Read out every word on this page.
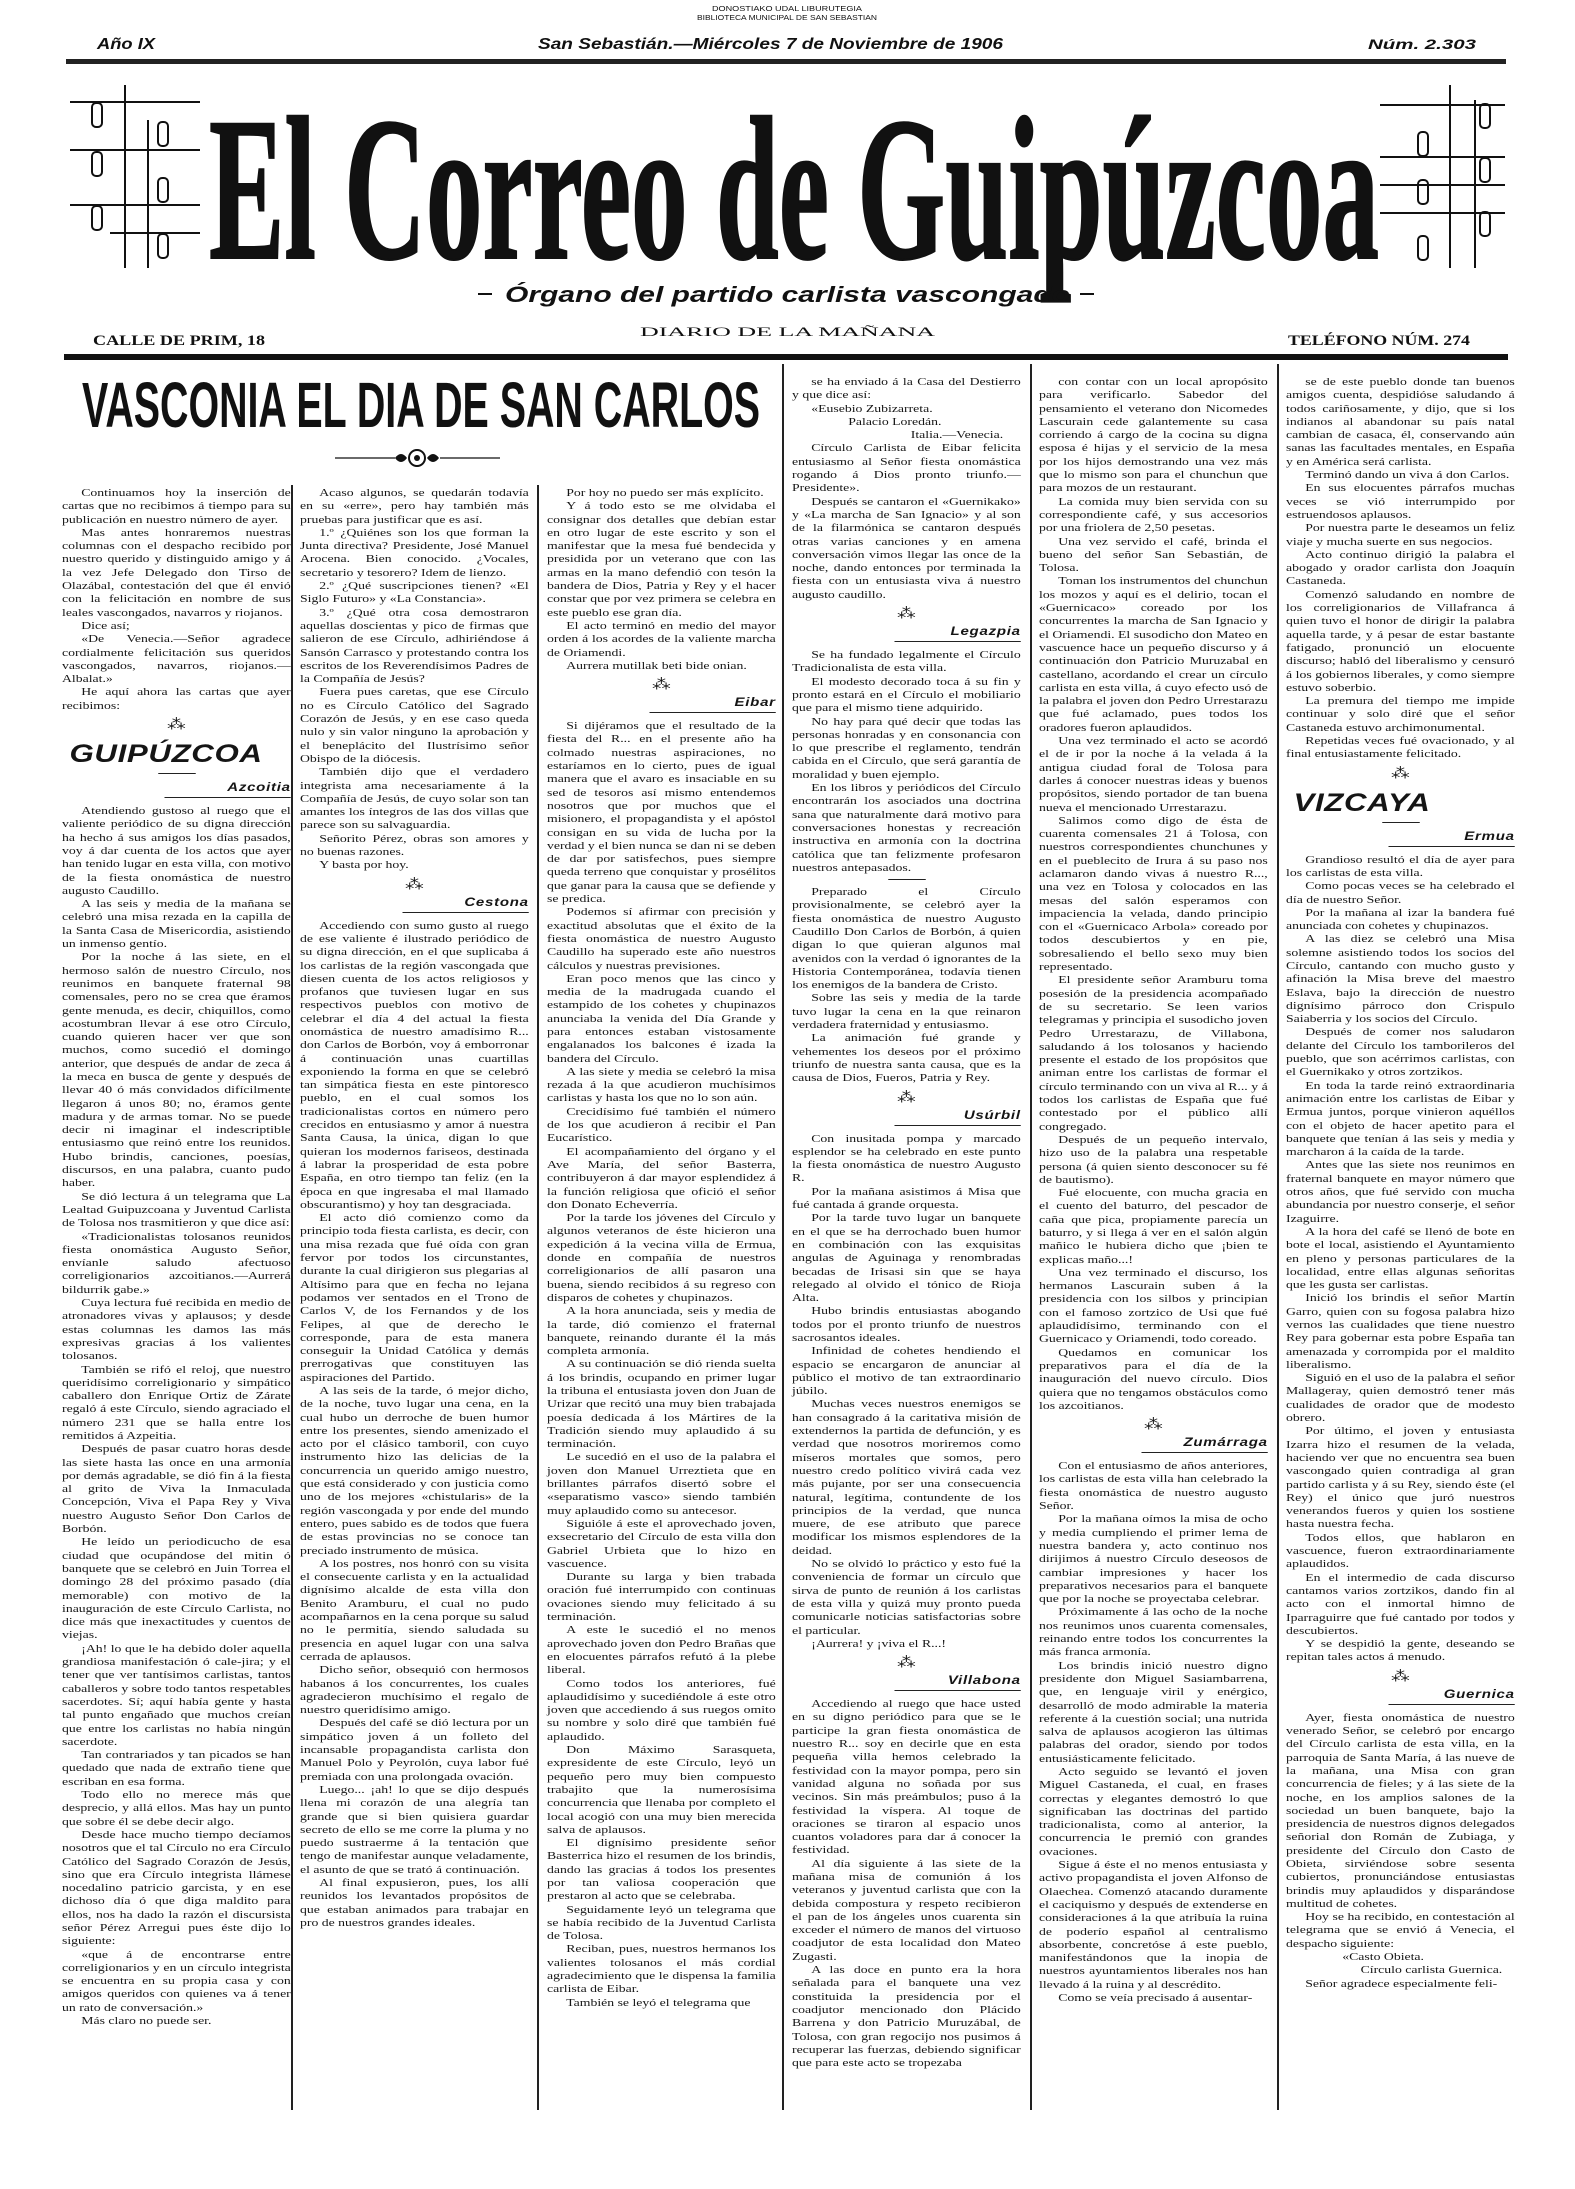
DONOSTIAKO UDAL LIBURUTEGIA
BIBLIOTECA MUNICIPAL DE SAN SEBASTIAN
Año IX	San Sebastián.—Miércoles 7 de Noviembre de 1906	Núm. 2.303
El Correo de Guipúzcoa
Órgano del partido carlista vascongado
DIARIO DE LA MAÑANA
CALLE DE PRIM, 18	TELÉFONO NÚM. 274
VASCONIA EL DIA DE SAN CARLOS
Continuamos hoy la inserción de cartas que no recibimos á tiempo para su publicación en nuestro número de ayer.
Mas antes honraremos nuestras columnas con el despacho recibido por nuestro querido y distinguido amigo y á la vez Jefe Delegado don Tirso de Olazábal, contestación del que él envió con la felicitación en nombre de sus leales vascongados, navarros y riojanos.
Dice así;
«De Venecia.—Señor agradece cordialmente felicitación sus queridos vascongados, navarros, riojanos.—Albalat.»
He aquí ahora las cartas que ayer recibimos:
⁂
GUIPÚZCOA
Azcoitia
Atendiendo gustoso al ruego que el valiente periódico de su digna dirección ha hecho á sus amigos los días pasados, voy á dar cuenta de los actos que ayer han tenido lugar en esta villa, con motivo de la fiesta onomástica de nuestro augusto Caudillo.
A las seis y media de la mañana se celebró una misa rezada en la capilla de la Santa Casa de Misericordia, asistiendo un inmenso gentío.
Por la noche á las siete, en el hermoso salón de nuestro Círculo, nos reunimos en banquete fraternal 98 comensales, pero no se crea que éramos gente menuda, es decir, chiquillos, como acostumbran llevar á ese otro Círculo, cuando quieren hacer ver que son muchos, como sucedió el domingo anterior, que después de andar de zeca á la meca en busca de gente y después de llevar 40 ó más convidados difícilmente llegaron á unos 80; no, éramos gente madura y de armas tomar. No se puede decir ni imaginar el indescriptible entusiasmo que reinó entre los reunidos. Hubo brindis, canciones, poesías, discursos, en una palabra, cuanto pudo haber.
Se dió lectura á un telegrama que La Lealtad Guipuzcoana y Juventud Carlista de Tolosa nos trasmitieron y que dice así:
«Tradicionalistas tolosanos reunidos fiesta onomástica Augusto Señor, envíanle saludo afectuoso correligionarios azcoitianos.—Aurrerá bildurrik gabe.»
Cuya lectura fué recibida en medio de atronadores vivas y aplausos; y desde estas columnas les damos las más expresivas gracias á los valientes tolosanos.
También se rifó el reloj, que nuestro queridísimo correligionario y simpático caballero don Enrique Ortiz de Zárate regaló á este Círculo, siendo agraciado el número 231 que se halla entre los remitidos á Azpeitia.
Después de pasar cuatro horas desde las siete hasta las once en una armonía por demás agradable, se dió fin á la fiesta al grito de Viva la Inmaculada Concepción, Viva el Papa Rey y Viva nuestro Augusto Señor Don Carlos de Borbón.
He leído un periodicucho de esa ciudad que ocupándose del mitin ó banquete que se celebró en Juin Torrea el domingo 28 del próximo pasado (día memorable) con motivo de la inauguración de este Círculo Carlista, no dice más que inexactitudes y cuentos de viejas.
¡Ah! lo que le ha debido doler aquella grandiosa manifestación ó cale-jira; y el tener que ver tantísimos carlistas, tantos caballeros y sobre todo tantos respetables sacerdotes. Sí; aquí había gente y hasta tal punto engañado que muchos creían que entre los carlistas no había ningún sacerdote.
Tan contrariados y tan picados se han quedado que nada de extraño tiene que escriban en esa forma.
Todo ello no merece más que desprecio, y allá ellos. Mas hay un punto que sobre él se debe decir algo.
Desde hace mucho tiempo decíamos nosotros que el tal Círculo no era Círculo Católico del Sagrado Corazón de Jesús, sino que era Círculo integrista llámese nocedalino patricio garcista, y en ese dichoso día ó que diga maldito para ellos, nos ha dado la razón el discursista señor Pérez Arregui pues éste dijo lo siguiente:
«que á de encontrarse entre correligionarios y en un círculo integrista se encuentra en su propia casa y con amigos queridos con quienes va á tener un rato de conversación.»
Más claro no puede ser.
Acaso algunos, se quedarán todavía en su «erre», pero hay también más pruebas para justificar que es así.
1.º ¿Quiénes son los que forman la Junta directiva? Presidente, José Manuel Arocena. Bien conocido. ¿Vocales, secretario y tesorero? Idem de lienzo.
2.º ¿Qué suscripciones tienen? «El Siglo Futuro» y «La Constancia».
3.º ¿Qué otra cosa demostraron aquellas doscientas y pico de firmas que salieron de ese Círculo, adhiriéndose á Sansón Carrasco y protestando contra los escritos de los Reverendísimos Padres de la Compañía de Jesús?
Fuera pues caretas, que ese Círculo no es Círculo Católico del Sagrado Corazón de Jesús, y en ese caso queda nulo y sin valor ninguno la aprobación y el beneplácito del Ilustrísimo señor Obispo de la diócesis.
También dijo que el verdadero integrista ama necesariamente á la Compañía de Jesús, de cuyo solar son tan amantes los íntegros de las dos villas que parece son su salvaguardia.
Señorito Pérez, obras son amores y no buenas razones.
Y basta por hoy.
⁂
Cestona
Accediendo con sumo gusto al ruego de ese valiente é ilustrado periódico de su digna dirección, en el que suplicaba á los carlistas de la región vascongada que diesen cuenta de los actos religiosos y profanos que tuviesen lugar en sus respectivos pueblos con motivo de celebrar el día 4 del actual la fiesta onomástica de nuestro amadísimo R... don Carlos de Borbón, voy á emborronar á continuación unas cuartillas exponiendo la forma en que se celebró tan simpática fiesta en este pintoresco pueblo, en el cual somos los tradicionalistas cortos en número pero crecidos en entusiasmo y amor á nuestra Santa Causa, la única, digan lo que quieran los modernos fariseos, destinada á labrar la prosperidad de esta pobre España, en otro tiempo tan feliz (en la época en que ingresaba el mal llamado obscurantismo) y hoy tan desgraciada.
El acto dió comienzo como da principio toda fiesta carlista, es decir, con una misa rezada que fué oída con gran fervor por todos los circunstantes, durante la cual dirigieron sus plegarias al Altísimo para que en fecha no lejana podamos ver sentados en el Trono de Carlos V, de los Fernandos y de los Felipes, al que de derecho le corresponde, para de esta manera conseguir la Unidad Católica y demás prerrogativas que constituyen las aspiraciones del Partido.
A las seis de la tarde, ó mejor dicho, de la noche, tuvo lugar una cena, en la cual hubo un derroche de buen humor entre los presentes, siendo amenizado el acto por el clásico tamboril, con cuyo instrumento hizo las delicias de la concurrencia un querido amigo nuestro, que está considerado y con justicia como uno de los mejores «chistularis» de la región vascongada y por ende del mundo entero, pues sabido es de todos que fuera de estas provincias no se conoce tan preciado instrumento de música.
A los postres, nos honró con su visita el consecuente carlista y en la actualidad dignísimo alcalde de esta villa don Benito Aramburu, el cual no pudo acompañarnos en la cena porque su salud no le permitía, siendo saludada su presencia en aquel lugar con una salva cerrada de aplausos.
Dicho señor, obsequió con hermosos habanos á los concurrentes, los cuales agradecieron muchísimo el regalo de nuestro queridísimo amigo.
Después del café se dió lectura por un simpático joven á un folleto del incansable propagandista carlista don Manuel Polo y Peyrolón, cuya labor fué premiada con una prolongada ovación.
Luego... ¡ah! lo que se dijo después llena mi corazón de una alegría tan grande que si bien quisiera guardar secreto de ello se me corre la pluma y no puedo sustraerme á la tentación que tengo de manifestar aunque veladamente, el asunto de que se trató á continuación.
Al final expusieron, pues, los allí reunidos los levantados propósitos de que estaban animados para trabajar en pro de nuestros grandes ideales.
Por hoy no puedo ser más explícito.
Y á todo esto se me olvidaba el consignar dos detalles que debían estar en otro lugar de este escrito y son el manifestar que la mesa fué bendecida y presidida por un veterano que con las armas en la mano defendió con tesón la bandera de Dios, Patria y Rey y el hacer constar que por vez primera se celebra en este pueblo ese gran día.
El acto terminó en medio del mayor orden á los acordes de la valiente marcha de Oriamendi.
Aurrera mutillak beti bide onian.
⁂
Eibar
Si dijéramos que el resultado de la fiesta del R... en el presente año ha colmado nuestras aspiraciones, no estaríamos en lo cierto, pues de igual manera que el avaro es insaciable en su sed de tesoros así mismo entendemos nosotros que por muchos que el misionero, el propagandista y el apóstol consigan en su vida de lucha por la verdad y el bien nunca se dan ni se deben de dar por satisfechos, pues siempre queda terreno que conquistar y prosélitos que ganar para la causa que se defiende y se predica.
Podemos sí afirmar con precisión y exactitud absolutas que el éxito de la fiesta onomástica de nuestro Augusto Caudillo ha superado este año nuestros cálculos y nuestras previsiones.
Eran poco menos que las cinco y media de la madrugada cuando el estampido de los cohetes y chupinazos anunciaba la venida del Día Grande y para entonces estaban vistosamente engalanados los balcones é izada la bandera del Círculo.
A las siete y media se celebró la misa rezada á la que acudieron muchísimos carlistas y hasta los que no lo son aún.
Crecidísimo fué también el número de los que acudieron á recibir el Pan Eucarístico.
El acompañamiento del órgano y el Ave María, del señor Basterra, contribuyeron á dar mayor esplendidez á la función religiosa que ofició el señor don Donato Echeverría.
Por la tarde los jóvenes del Círculo y algunos veteranos de éste hicieron una expedición á la vecina villa de Ermua, donde en compañía de nuestros correligionarios de allí pasaron una buena, siendo recibidos á su regreso con disparos de cohetes y chupinazos.
A la hora anunciada, seis y media de la tarde, dió comienzo el fraternal banquete, reinando durante él la más completa armonía.
A su continuación se dió rienda suelta á los brindis, ocupando en primer lugar la tribuna el entusiasta joven don Juan de Urizar que recitó una muy bien trabajada poesía dedicada á los Mártires de la Tradición siendo muy aplaudido á su terminación.
Le sucedió en el uso de la palabra el joven don Manuel Urreztieta que en brillantes párrafos disertó sobre el «separatismo vasco» siendo también muy aplaudido como su antecesor.
Siguióle á este el aprovechado joven, exsecretario del Círculo de esta villa don Gabriel Urbieta que lo hizo en vascuence.
Durante su larga y bien trabada oración fué interrumpido con continuas ovaciones siendo muy felicitado á su terminación.
A este le sucedió el no menos aprovechado joven don Pedro Brañas que en elocuentes párrafos refutó á la plebe liberal.
Como todos los anteriores, fué aplaudidísimo y sucediéndole á este otro joven que accediendo á sus ruegos omito su nombre y solo diré que también fué aplaudido.
Don Máximo Sarasqueta, expresidente de este Círculo, leyó un pequeño pero muy bien compuesto trabajito que la numerosísima concurrencia que llenaba por completo el local acogió con una muy bien merecida salva de aplausos.
El dignísimo presidente señor Basterrica hizo el resumen de los brindis, dando las gracias á todos los presentes por tan valiosa cooperación que prestaron al acto que se celebraba.
Seguidamente leyó un telegrama que se había recibido de la Juventud Carlista de Tolosa.
Reciban, pues, nuestros hermanos los valientes tolosanos el más cordial agradecimiento que le dispensa la familia carlista de Eibar.
También se leyó el telegrama que
se ha enviado á la Casa del Destierro y que dice así:
«Eusebio Zubizarreta.
Palacio Loredán.
Italia.—Venecia.
Círculo Carlista de Eibar felicita entusiasmo al Señor fiesta onomástica rogando á Dios pronto triunfo.—Presidente».
Después se cantaron el «Guernikako» y «La marcha de San Ignacio» y al son de la filarmónica se cantaron después otras varias canciones y en amena conversación vimos llegar las once de la noche, dando entonces por terminada la fiesta con un entusiasta viva á nuestro augusto caudillo.
⁂
Legazpia
Se ha fundado legalmente el Círculo Tradicionalista de esta villa.
El modesto decorado toca á su fin y pronto estará en el Círculo el mobiliario que para el mismo tiene adquirido.
No hay para qué decir que todas las personas honradas y en consonancia con lo que prescribe el reglamento, tendrán cabida en el Círculo, que será garantía de moralidad y buen ejemplo.
En los libros y periódicos del Círculo encontrarán los asociados una doctrina sana que naturalmente dará motivo para conversaciones honestas y recreación instructiva en armonía con la doctrina católica que tan felizmente profesaron nuestros antepasados.
Preparado el Círculo provisionalmente, se celebró ayer la fiesta onomástica de nuestro Augusto Caudillo Don Carlos de Borbón, á quien digan lo que quieran algunos mal avenidos con la verdad ó ignorantes de la Historia Contemporánea, todavía tienen los enemigos de la bandera de Cristo.
Sobre las seis y media de la tarde tuvo lugar la cena en la que reinaron verdadera fraternidad y entusiasmo.
La animación fué grande y vehementes los deseos por el próximo triunfo de nuestra santa causa, que es la causa de Dios, Fueros, Patria y Rey.
⁂
Usúrbil
Con inusitada pompa y marcado esplendor se ha celebrado en este punto la fiesta onomástica de nuestro Augusto R.
Por la mañana asistimos á Misa que fué cantada á grande orquesta.
Por la tarde tuvo lugar un banquete en el que se ha derrochado buen humor en combinación con las exquisitas angulas de Aguinaga y renombradas becadas de Irisasi sin que se haya relegado al olvido el tónico de Rioja Alta.
Hubo brindis entusiastas abogando todos por el pronto triunfo de nuestros sacrosantos ideales.
Infinidad de cohetes hendiendo el espacio se encargaron de anunciar al público el motivo de tan extraordinario júbilo.
Muchas veces nuestros enemigos se han consagrado á la caritativa misión de extendernos la partida de defunción, y es verdad que nosotros moriremos como míseros mortales que somos, pero nuestro credo político vivirá cada vez más pujante, por ser una consecuencia natural, legítima, contundente de los principios de la verdad, que nunca muere, de ese atributo que parece modificar los mismos esplendores de la deidad.
No se olvidó lo práctico y esto fué la conveniencia de formar un círculo que sirva de punto de reunión á los carlistas de esta villa y quizá muy pronto pueda comunicarle noticias satisfactorias sobre el particular.
¡Aurrera! y ¡viva el R...!
⁂
Villabona
Accediendo al ruego que hace usted en su digno periódico para que se le participe la gran fiesta onomástica de nuestro R... soy en decirle que en esta pequeña villa hemos celebrado la festividad con la mayor pompa, pero sin vanidad alguna no soñada por sus vecinos. Sin más preámbulos; puso á la festividad la víspera. Al toque de oraciones se tiraron al espacio unos cuantos voladores para dar á conocer la festividad.
Al día siguiente á las siete de la mañana misa de comunión á los veteranos y juventud carlista que con la debida compostura y respeto recibieron el pan de los ángeles unos cuarenta sin exceder el número de manos del virtuoso coadjutor de esta localidad don Mateo Zugasti.
A las doce en punto era la hora señalada para el banquete una vez constituida la presidencia por el coadjutor mencionado don Plácido Barrena y don Patricio Muruzábal, de Tolosa, con gran regocijo nos pusimos á recuperar las fuerzas, debiendo significar que para este acto se tropezaba
con contar con un local apropósito para verificarlo. Sabedor del pensamiento el veterano don Nicomedes Lascurain cede galantemente su casa corriendo á cargo de la cocina su digna esposa é hijas y el servicio de la mesa por los hijos demostrando una vez más que lo mismo son para el chunchun que para mozos de un restaurant.
La comida muy bien servida con su correspondiente café, y sus accesorios por una friolera de 2,50 pesetas.
Una vez servido el café, brinda el bueno del señor San Sebastián, de Tolosa.
Toman los instrumentos del chunchun los mozos y aquí es el delirio, tocan el «Guernicaco» coreado por los concurrentes la marcha de San Ignacio y el Oriamendi. El susodicho don Mateo en vascuence hace un pequeño discurso y á continuación don Patricio Muruzabal en castellano, acordando el crear un círculo carlista en esta villa, á cuyo efecto usó de la palabra el joven don Pedro Urrestarazu que fué aclamado, pues todos los oradores fueron aplaudidos.
Una vez terminado el acto se acordó el de ir por la noche á la velada á la antigua ciudad foral de Tolosa para darles á conocer nuestras ideas y buenos propósitos, siendo portador de tan buena nueva el mencionado Urrestarazu.
Salimos como digo de ésta de cuarenta comensales 21 á Tolosa, con nuestros correspondientes chunchunes y en el pueblecito de Irura á su paso nos aclamaron dando vivas á nuestro R..., una vez en Tolosa y colocados en las mesas del salón esperamos con impaciencia la velada, dando principio con el «Guernicaco Arbola» coreado por todos descubiertos y en pie, sobresaliendo el bello sexo muy bien representado.
El presidente señor Aramburu toma posesión de la presidencia acompañado de su secretario. Se leen varios telegramas y principia el susodicho joven Pedro Urrestarazu, de Villabona, saludando á los tolosanos y haciendo presente el estado de los propósitos que animan entre los carlistas de formar el círculo terminando con un viva al R... y á todos los carlistas de España que fué contestado por el público allí congregado.
Después de un pequeño intervalo, hizo uso de la palabra una respetable persona (á quien siento desconocer su fé de bautismo).
Fué elocuente, con mucha gracia en el cuento del baturro, del pescador de caña que pica, propiamente parecía un baturro, y si llega á ver en el salón algún mañico le hubiera dicho que ¡bien te explicas maño...!
Una vez terminado el discurso, los hermanos Lascurain suben á la presidencia con los silbos y principian con el famoso zortzico de Usi que fué aplaudidísimo, terminando con el Guernicaco y Oriamendi, todo coreado.
Quedamos en comunicar los preparativos para el día de la inauguración del nuevo círculo. Dios quiera que no tengamos obstáculos como los azcoitianos.
⁂
Zumárraga
Con el entusiasmo de años anteriores, los carlistas de esta villa han celebrado la fiesta onomástica de nuestro augusto Señor.
Por la mañana oímos la misa de ocho y media cumpliendo el primer lema de nuestra bandera y, acto continuo nos dirijimos á nuestro Círculo deseosos de cambiar impresiones y hacer los preparativos necesarios para el banquete que por la noche se proyectaba celebrar.
Próximamente á las ocho de la noche nos reunimos unos cuarenta comensales, reinando entre todos los concurrentes la más franca armonía.
Los brindis inició nuestro digno presidente don Miguel Sasiambarrena, que, en lenguaje viril y enérgico, desarrolló de modo admirable la materia referente á la cuestión social; una nutrida salva de aplausos acogieron las últimas palabras del orador, siendo por todos entusiásticamente felicitado.
Acto seguido se levantó el joven Miguel Castaneda, el cual, en frases correctas y elegantes demostró lo que significaban las doctrinas del partido tradicionalista, como al anterior, la concurrencia le premió con grandes ovaciones.
Sigue á éste el no menos entusiasta y activo propagandista el joven Alfonso de Olaechea. Comenzó atacando duramente el caciquismo y después de extenderse en consideraciones á la que atribuía la ruina de poderío español al centralismo absorbente, concretóse á este pueblo, manifestándonos que la inopia de nuestros ayuntamientos liberales nos han llevado á la ruina y al descrédito.
Como se veía precisado á ausentar-
se de este pueblo donde tan buenos amigos cuenta, despidióse saludando á todos cariñosamente, y dijo, que si los indianos al abandonar su país natal cambian de casaca, él, conservando aún sanas las facultades mentales, en España y en América será carlista.
Terminó dando un viva á don Carlos.
En sus elocuentes párrafos muchas veces se vió interrumpido por estruendosos aplausos.
Por nuestra parte le deseamos un feliz viaje y mucha suerte en sus negocios.
Acto continuo dirigió la palabra el abogado y orador carlista don Joaquín Castaneda.
Comenzó saludando en nombre de los correligionarios de Villafranca á quien tuvo el honor de dirigir la palabra aquella tarde, y á pesar de estar bastante fatigado, pronunció un elocuente discurso; habló del liberalismo y censuró á los gobiernos liberales, y como siempre estuvo soberbio.
La premura del tiempo me impide continuar y solo diré que el señor Castaneda estuvo archimonumental.
Repetidas veces fué ovacionado, y al final entusiastamente felicitado.
⁂
VIZCAYA
Ermua
Grandioso resultó el día de ayer para los carlistas de esta villa.
Como pocas veces se ha celebrado el día de nuestro Señor.
Por la mañana al izar la bandera fué anunciada con cohetes y chupinazos.
A las diez se celebró una Misa solemne asistiendo todos los socios del Círculo, cantando con mucho gusto y afinación la Misa breve del maestro Eslava, bajo la dirección de nuestro dignísimo párroco don Crispulo Saiaberria y los socios del Círculo.
Después de comer nos saludaron delante del Círculo los tamborileros del pueblo, que son acérrimos carlistas, con el Guernikako y otros zortzikos.
En toda la tarde reinó extraordinaria animación entre los carlistas de Eibar y Ermua juntos, porque vinieron aquéllos con el objeto de hacer apetito para el banquete que tenían á las seis y media y marcharon á la caída de la tarde.
Antes que las siete nos reunimos en fraternal banquete en mayor número que otros años, que fué servido con mucha abundancia por nuestro conserje, el señor Izaguirre.
A la hora del café se llenó de bote en bote el local, asistiendo el Ayuntamiento en pleno y personas particulares de la localidad, entre ellas algunas señoritas que les gusta ser carlistas.
Inició los brindis el señor Martín Garro, quien con su fogosa palabra hizo vernos las cualidades que tiene nuestro Rey para gobernar esta pobre España tan amenazada y corrompida por el maldito liberalismo.
Siguió en el uso de la palabra el señor Mallageray, quien demostró tener más cualidades de orador que de modesto obrero.
Por último, el joven y entusiasta Izarra hizo el resumen de la velada, haciendo ver que no encuentra sea buen vascongado quien contradiga al gran partido carlista y á su Rey, siendo éste (el Rey) el único que juró nuestros venerandos fueros y quien los sostiene hasta nuestra fecha.
Todos ellos, que hablaron en vascuence, fueron extraordinariamente aplaudidos.
En el intermedio de cada discurso cantamos varios zortzikos, dando fin al acto con el inmortal himno de Iparraguirre que fué cantado por todos y descubiertos.
Y se despidió la gente, deseando se repitan tales actos á menudo.
⁂
Guernica
Ayer, fiesta onomástica de nuestro venerado Señor, se celebró por encargo del Círculo carlista de esta villa, en la parroquia de Santa María, á las nueve de la mañana, una Misa con gran concurrencia de fieles; y á las siete de la noche, en los amplios salones de la sociedad un buen banquete, bajo la presidencia de nuestros dignos delegados señorial don Román de Zubiaga, y presidente del Círculo don Casto de Obieta, sirviéndose sobre sesenta cubiertos, pronunciándose entusiastas brindis muy aplaudidos y disparándose multitud de cohetes.
Hoy se ha recibido, en contestación al telegrama que se envió á Venecia, el despacho siguiente:
«Casto Obieta.
Círculo carlista Guernica.
Señor agradece especialmente feli-
